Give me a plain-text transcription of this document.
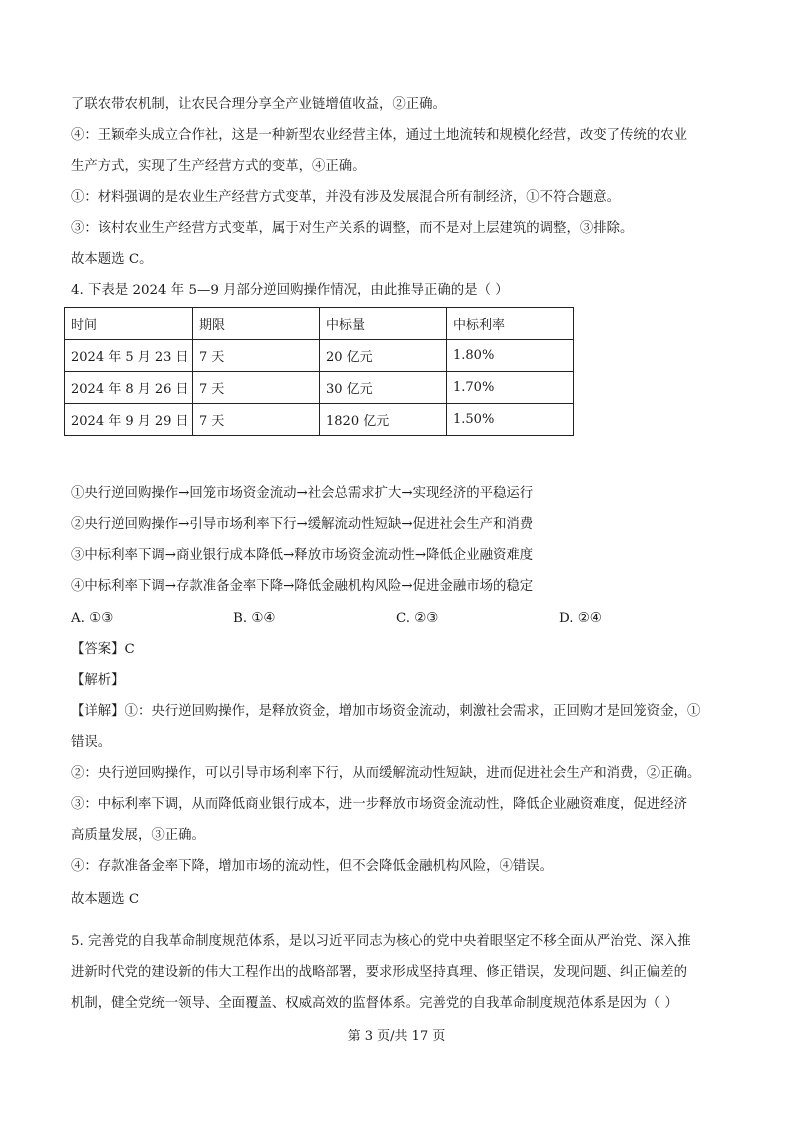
了联农带农机制，让农民合理分享全产业链增值收益，②正确。
④：王颖牵头成立合作社，这是一种新型农业经营主体，通过土地流转和规模化经营，改变了传统的农业
生产方式，实现了生产经营方式的变革，④正确。
①：材料强调的是农业生产经营方式变革，并没有涉及发展混合所有制经济，①不符合题意。
③：该村农业生产经营方式变革，属于对生产关系的调整，而不是对上层建筑的调整，③排除。
故本题选 C。
4. 下表是 2024 年 5—9 月部分逆回购操作情况，由此推导正确的是（ ）
时间	期限	中标量	中标利率
2024 年 5 月 23 日	7 天	20 亿元	1.80%
2024 年 8 月 26 日	7 天	30 亿元	1.70%
2024 年 9 月 29 日	7 天	1820 亿元	1.50%
①央行逆回购操作→回笼市场资金流动→社会总需求扩大→实现经济的平稳运行
②央行逆回购操作→引导市场利率下行→缓解流动性短缺→促进社会生产和消费
③中标利率下调→商业银行成本降低→释放市场资金流动性→降低企业融资难度
④中标利率下调→存款准备金率下降→降低金融机构风险→促进金融市场的稳定
A. ①③	B. ①④	C. ②③	D. ②④
【答案】C
【解析】
【详解】①：央行逆回购操作，是释放资金，增加市场资金流动，刺激社会需求，正回购才是回笼资金，①
错误。
②：央行逆回购操作，可以引导市场利率下行，从而缓解流动性短缺，进而促进社会生产和消费，②正确。
③：中标利率下调，从而降低商业银行成本，进一步释放市场资金流动性，降低企业融资难度，促进经济
高质量发展，③正确。
④：存款准备金率下降，增加市场的流动性，但不会降低金融机构风险，④错误。
故本题选 C
5. 完善党的自我革命制度规范体系，是以习近平同志为核心的党中央着眼坚定不移全面从严治党、深入推
进新时代党的建设新的伟大工程作出的战略部署，要求形成坚持真理、修正错误，发现问题、纠正偏差的
机制，健全党统一领导、全面覆盖、权威高效的监督体系。完善党的自我革命制度规范体系是因为（ ）
第 3 页/共 17 页
